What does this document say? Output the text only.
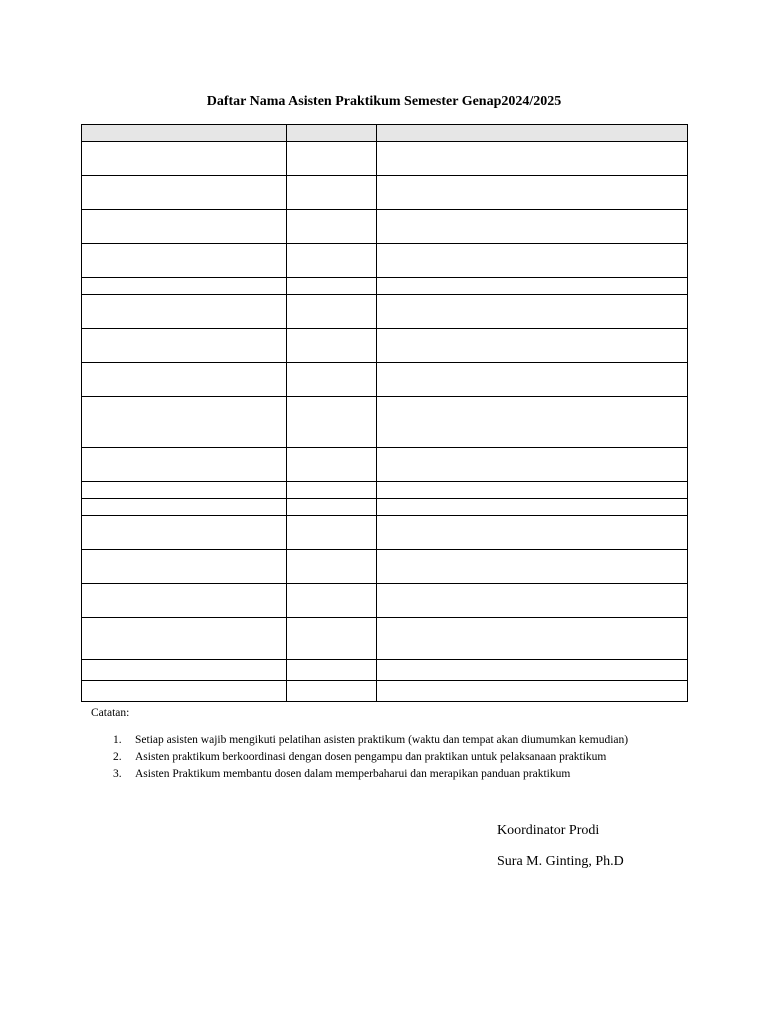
Daftar Nama Asisten Praktikum Semester Genap2024/2025

Catatan:
1.	Setiap asisten wajib mengikuti pelatihan asisten praktikum (waktu dan tempat akan diumumkan kemudian)
2.	Asisten praktikum berkoordinasi dengan dosen pengampu dan praktikan untuk pelaksanaan praktikum
3.	Asisten Praktikum membantu dosen dalam memperbaharui dan merapikan panduan praktikum
Koordinator Prodi
Sura M. Ginting, Ph.D
